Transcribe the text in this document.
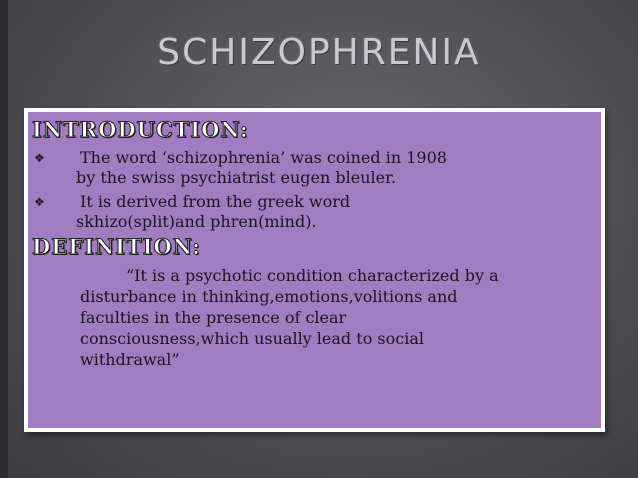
SCHIZOPHRENIA
INTRODUCTION:
❖ The word ‘schizophrenia’ was coined in 1908
by the swiss psychiatrist eugen bleuler.
❖ It is derived from the greek word
skhizo(split)and phren(mind).
DEFINITION:
“It is a psychotic condition characterized by a
disturbance in thinking,emotions,volitions and
faculties in the presence of clear
consciousness,which usually lead to social
withdrawal”
